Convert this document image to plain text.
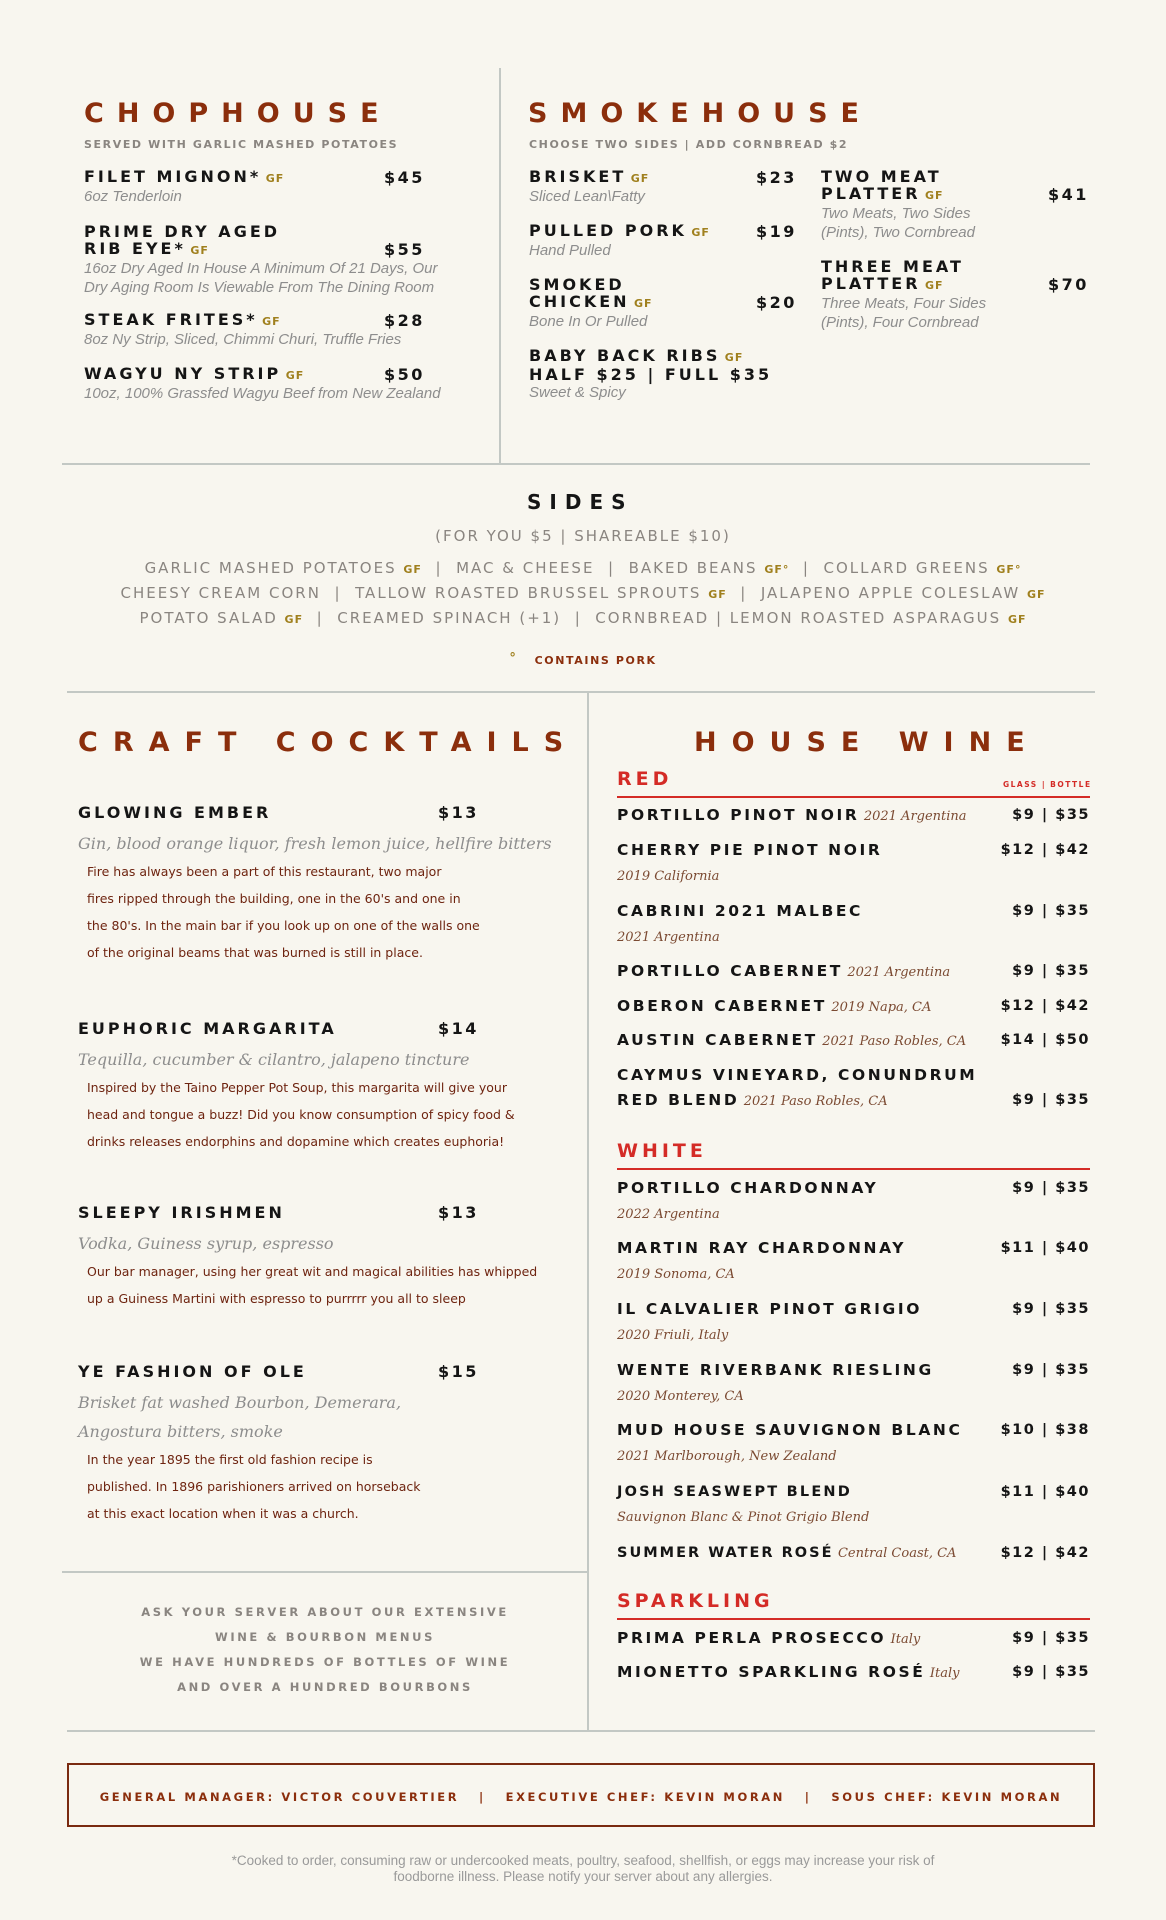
CHOPHOUSE
SERVED WITH GARLIC MASHED POTATOES
FILET MIGNON* GF	$45
6oz Tenderloin
PRIME DRY AGED
RIB EYE* GF	$55
16oz Dry Aged In House A Minimum Of 21 Days, Our
Dry Aging Room Is Viewable From The Dining Room
STEAK FRITES* GF	$28
8oz Ny Strip, Sliced, Chimmi Churi, Truffle Fries
WAGYU NY STRIP GF	$50
10oz, 100% Grassfed Wagyu Beef from New Zealand
SMOKEHOUSE
CHOOSE TWO SIDES | ADD CORNBREAD $2
BRISKET GF	$23
Sliced Lean\Fatty
PULLED PORK GF	$19
Hand Pulled
SMOKED
CHICKEN GF	$20
Bone In Or Pulled
BABY BACK RIBS GF
HALF $25 | FULL $35
Sweet & Spicy
TWO MEAT
PLATTER GF	$41
Two Meats, Two Sides
(Pints), Two Cornbread
THREE MEAT
PLATTER GF	$70
Three Meats, Four Sides
(Pints), Four Cornbread
SIDES
(FOR YOU $5 | SHAREABLE $10)
GARLIC MASHED POTATOES GF  |  MAC & CHEESE  |  BAKED BEANS GF°  |  COLLARD GREENS GF°
CHEESY CREAM CORN  |  TALLOW ROASTED BRUSSEL SPROUTS GF  |  JALAPENO APPLE COLESLAW GF
POTATO SALAD GF  |  CREAMED SPINACH (+1)  |  CORNBREAD | LEMON ROASTED ASPARAGUS GF
° CONTAINS PORK
CRAFT COCKTAILS
GLOWING EMBER	$13
Gin, blood orange liquor, fresh lemon juice, hellfire bitters
Fire has always been a part of this restaurant, two major
fires ripped through the building, one in the 60's and one in
the 80's. In the main bar if you look up on one of the walls one
of the original beams that was burned is still in place.
EUPHORIC MARGARITA	$14
Tequilla, cucumber & cilantro, jalapeno tincture
Inspired by the Taino Pepper Pot Soup, this margarita will give your
head and tongue a buzz! Did you know consumption of spicy food &
drinks releases endorphins and dopamine which creates euphoria!
SLEEPY IRISHMEN	$13
Vodka, Guiness syrup, espresso
Our bar manager, using her great wit and magical abilities has whipped
up a Guiness Martini with espresso to purrrrr you all to sleep
YE FASHION OF OLE	$15
Brisket fat washed Bourbon, Demerara,
Angostura bitters, smoke
In the year 1895 the first old fashion recipe is
published. In 1896 parishioners arrived on horseback
at this exact location when it was a church.
ASK YOUR SERVER ABOUT OUR EXTENSIVE
WINE & BOURBON MENUS
WE HAVE HUNDREDS OF BOTTLES OF WINE
AND OVER A HUNDRED BOURBONS
HOUSE WINE
RED	GLASS | BOTTLE
PORTILLO PINOT NOIR 2021 Argentina	$9 | $35
CHERRY PIE PINOT NOIR	$12 | $42
2019 California
CABRINI 2021 MALBEC	$9 | $35
2021 Argentina
PORTILLO CABERNET 2021 Argentina	$9 | $35
OBERON CABERNET 2019 Napa, CA	$12 | $42
AUSTIN CABERNET 2021 Paso Robles, CA $14 | $50
CAYMUS VINEYARD, CONUNDRUM
RED BLEND 2021 Paso Robles, CA	$9 | $35
WHITE
PORTILLO CHARDONNAY	$9 | $35
2022 Argentina
MARTIN RAY CHARDONNAY	$11 | $40
2019 Sonoma, CA
IL CALVALIER PINOT GRIGIO	$9 | $35
2020 Friuli, Italy
WENTE RIVERBANK RIESLING	$9 | $35
2020 Monterey, CA
MUD HOUSE SAUVIGNON BLANC	$10 | $38
2021 Marlborough, New Zealand
JOSH SEASWEPT BLEND	$11 | $40
Sauvignon Blanc & Pinot Grigio Blend
SUMMER WATER ROSÉ Central Coast, CA	$12 | $42
SPARKLING
PRIMA PERLA PROSECCO Italy	$9 | $35
MIONETTO SPARKLING ROSÉ Italy	$9 | $35
GENERAL MANAGER: VICTOR COUVERTIER   |   EXECUTIVE CHEF: KEVIN MORAN   |   SOUS CHEF: KEVIN MORAN
*Cooked to order, consuming raw or undercooked meats, poultry, seafood, shellfish, or eggs may increase your risk of
foodborne illness. Please notify your server about any allergies.
